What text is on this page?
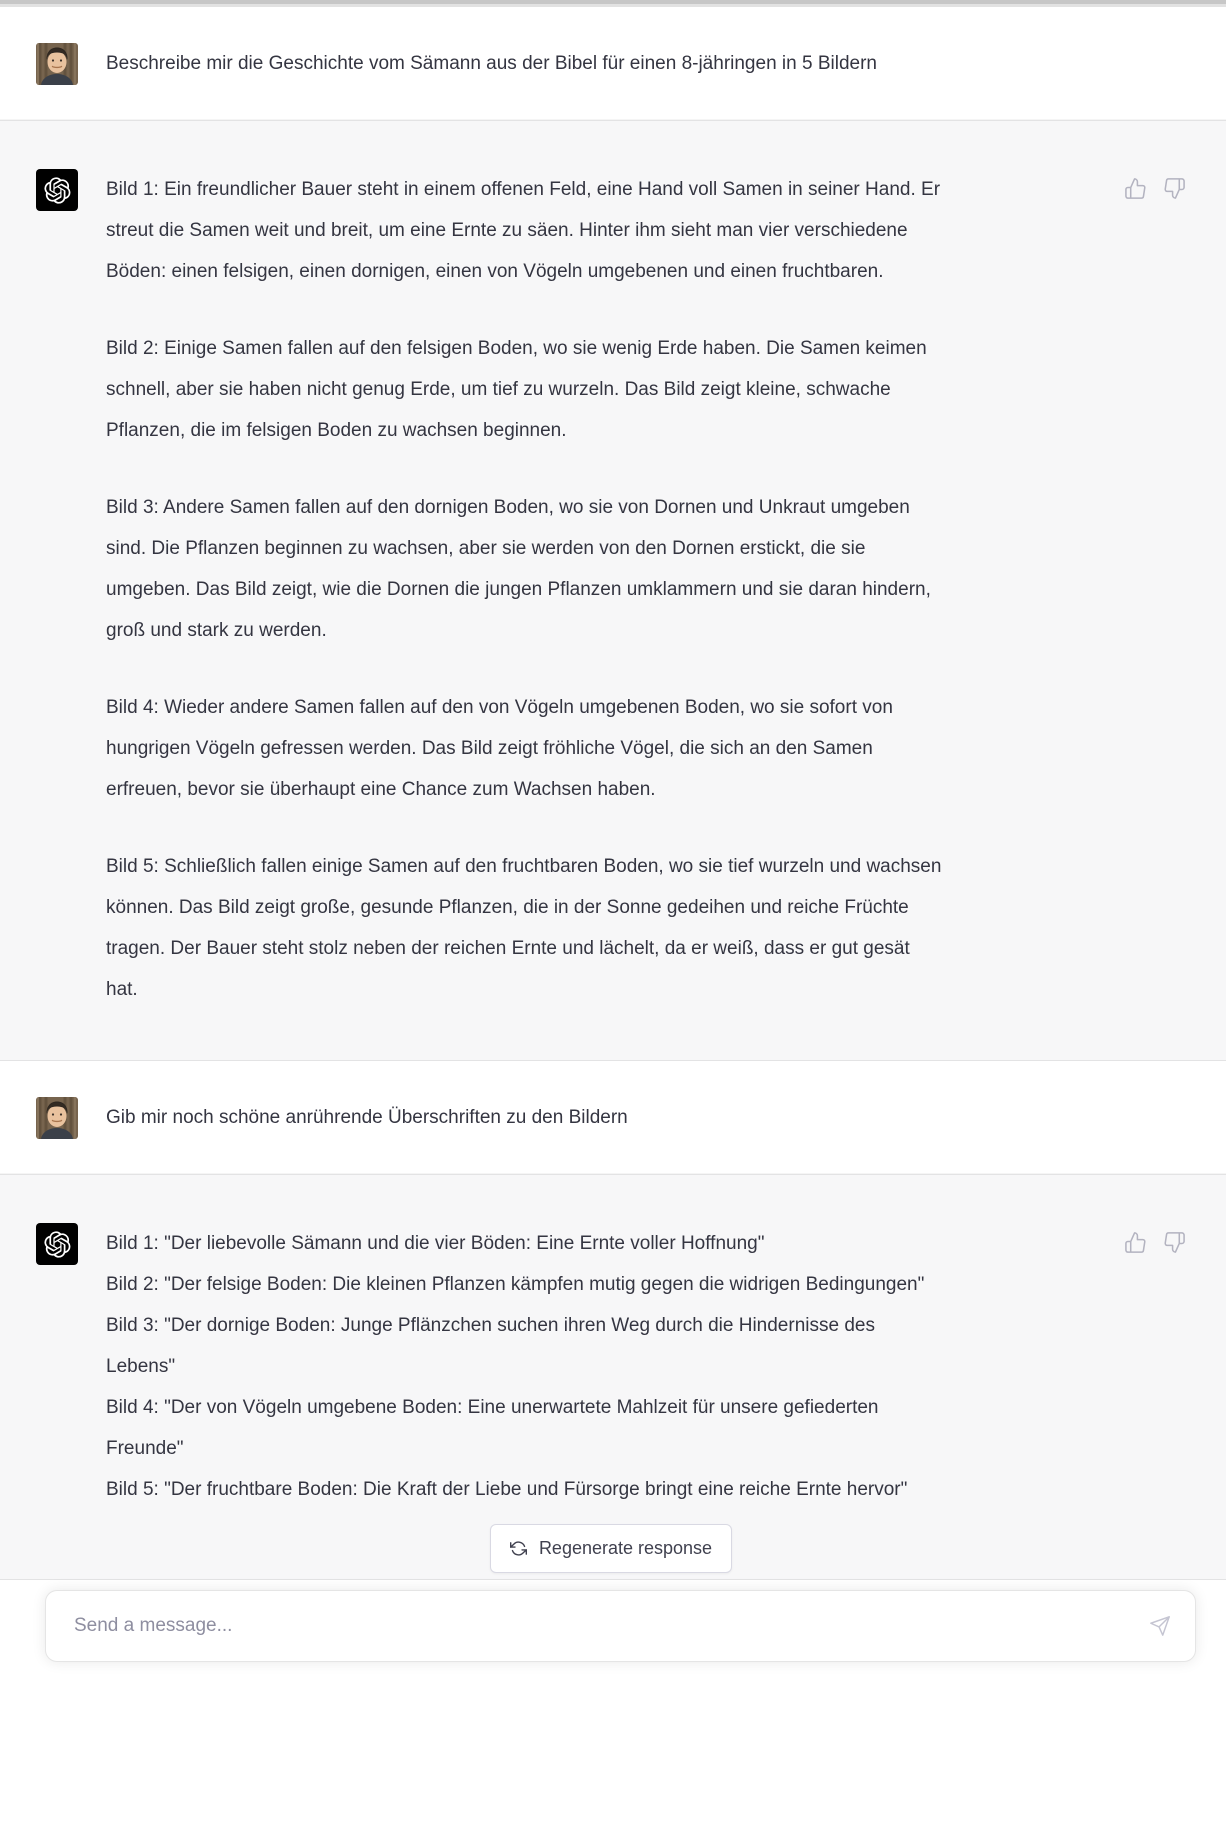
Beschreibe mir die Geschichte vom Sämann aus der Bibel für einen 8-jähringen in 5 Bildern

Bild 1: Ein freundlicher Bauer steht in einem offenen Feld, eine Hand voll Samen in seiner Hand. Er streut die Samen weit und breit, um eine Ernte zu säen. Hinter ihm sieht man vier verschiedene Böden: einen felsigen, einen dornigen, einen von Vögeln umgebenen und einen fruchtbaren.

Bild 2: Einige Samen fallen auf den felsigen Boden, wo sie wenig Erde haben. Die Samen keimen schnell, aber sie haben nicht genug Erde, um tief zu wurzeln. Das Bild zeigt kleine, schwache Pflanzen, die im felsigen Boden zu wachsen beginnen.

Bild 3: Andere Samen fallen auf den dornigen Boden, wo sie von Dornen und Unkraut umgeben sind. Die Pflanzen beginnen zu wachsen, aber sie werden von den Dornen erstickt, die sie umgeben. Das Bild zeigt, wie die Dornen die jungen Pflanzen umklammern und sie daran hindern, groß und stark zu werden.

Bild 4: Wieder andere Samen fallen auf den von Vögeln umgebenen Boden, wo sie sofort von hungrigen Vögeln gefressen werden. Das Bild zeigt fröhliche Vögel, die sich an den Samen erfreuen, bevor sie überhaupt eine Chance zum Wachsen haben.

Bild 5: Schließlich fallen einige Samen auf den fruchtbaren Boden, wo sie tief wurzeln und wachsen können. Das Bild zeigt große, gesunde Pflanzen, die in der Sonne gedeihen und reiche Früchte tragen. Der Bauer steht stolz neben der reichen Ernte und lächelt, da er weiß, dass er gut gesät hat.

Gib mir noch schöne anrührende Überschriften zu den Bildern

Bild 1: "Der liebevolle Sämann und die vier Böden: Eine Ernte voller Hoffnung"
Bild 2: "Der felsige Boden: Die kleinen Pflanzen kämpfen mutig gegen die widrigen Bedingungen"
Bild 3: "Der dornige Boden: Junge Pflänzchen suchen ihren Weg durch die Hindernisse des Lebens"
Bild 4: "Der von Vögeln umgebene Boden: Eine unerwartete Mahlzeit für unsere gefiederten Freunde"
Bild 5: "Der fruchtbare Boden: Die Kraft der Liebe und Fürsorge bringt eine reiche Ernte hervor"
Regenerate response
Send a message...
